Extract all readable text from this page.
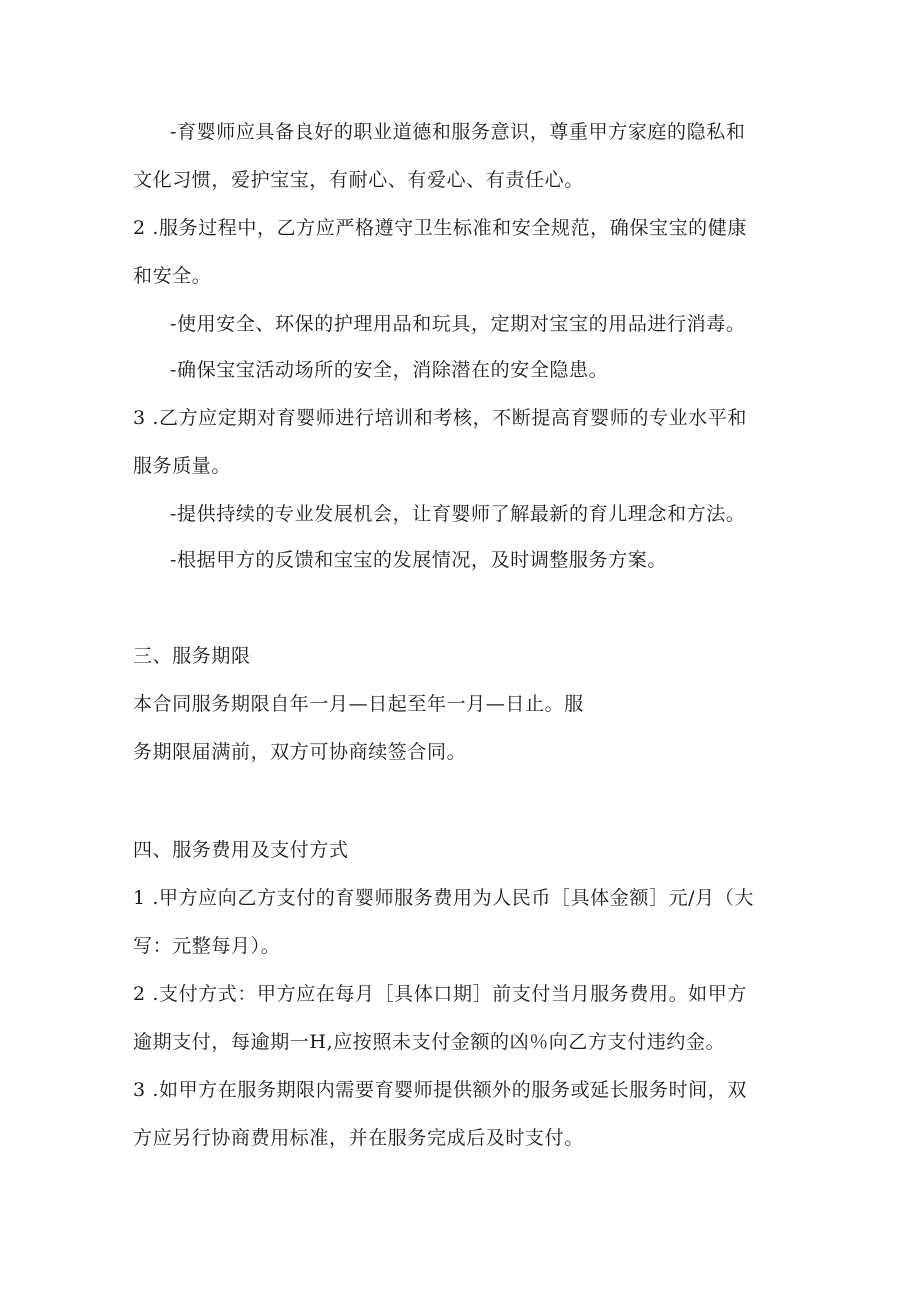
-育婴师应具备良好的职业道德和服务意识，尊重甲方家庭的隐私和
文化习惯，爱护宝宝，有耐心、有爱心、有责任心。
2 .服务过程中，乙方应严格遵守卫生标准和安全规范，确保宝宝的健康
和安全。
-使用安全、环保的护理用品和玩具，定期对宝宝的用品进行消毒。
-确保宝宝活动场所的安全，消除潜在的安全隐患。
3 .乙方应定期对育婴师进行培训和考核，不断提高育婴师的专业水平和
服务质量。
-提供持续的专业发展机会，让育婴师了解最新的育儿理念和方法。
-根据甲方的反馈和宝宝的发展情况，及时调整服务方案。
三、服务期限
本合同服务期限自年一月—日起至年一月—日止。服
务期限届满前，双方可协商续签合同。
四、服务费用及支付方式
1 .甲方应向乙方支付的育婴师服务费用为人民币［具体金额］元/月（大
写：元整每月）。
2 .支付方式：甲方应在每月［具体口期］前支付当月服务费用。如甲方
逾期支付，每逾期一H,应按照未支付金额的凶％向乙方支付违约金。
3 .如甲方在服务期限内需要育婴师提供额外的服务或延长服务时间，双
方应另行协商费用标准，并在服务完成后及时支付。
